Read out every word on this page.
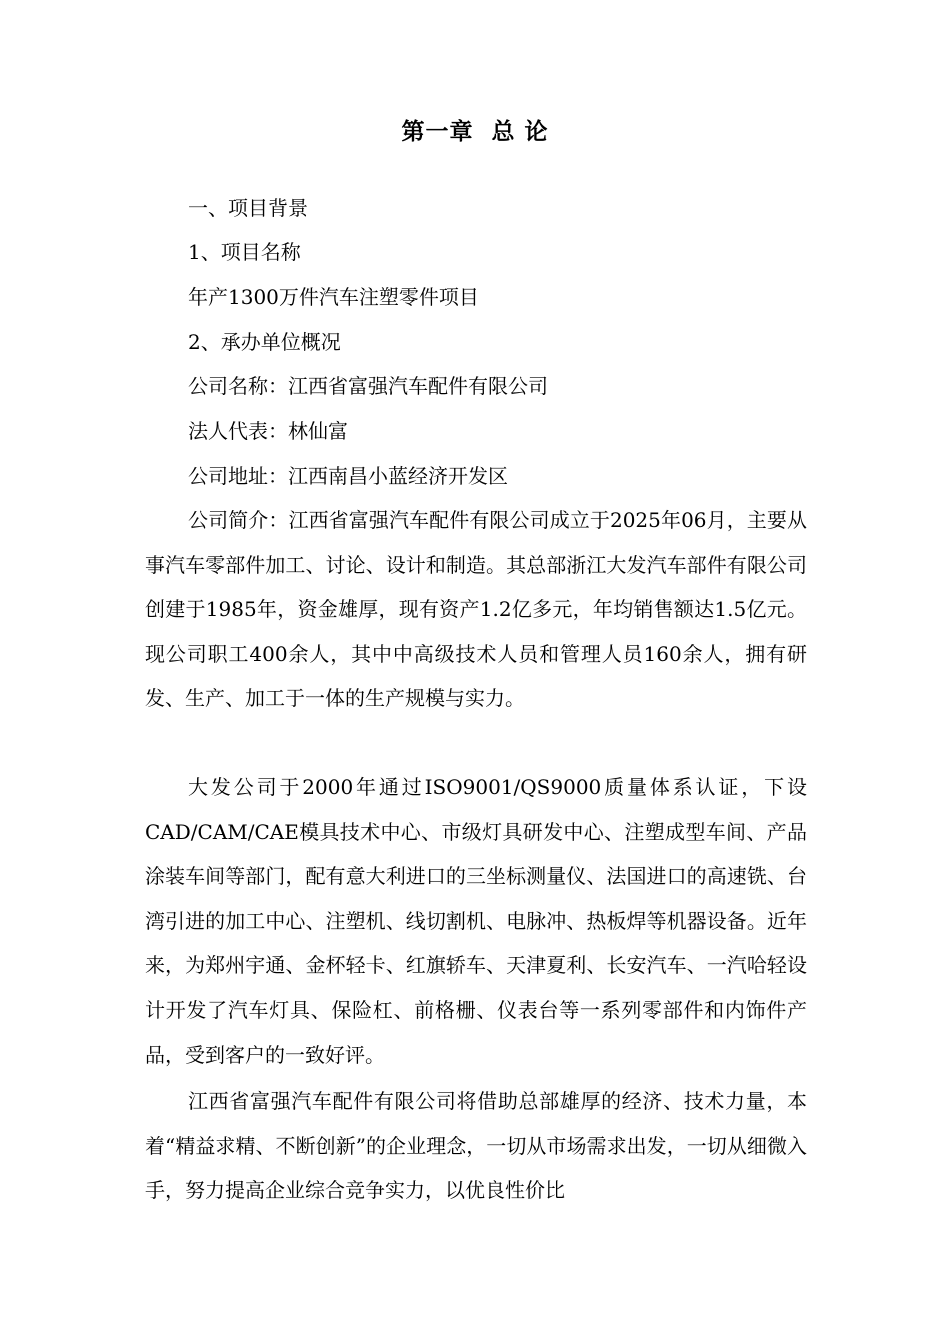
第一章  总 论
一、项目背景
1、项目名称
年产1300万件汽车注塑零件项目
2、承办单位概况
公司名称：江西省富强汽车配件有限公司
法人代表：林仙富
公司地址：江西南昌小蓝经济开发区

公司简介：江西省富强汽车配件有限公司成立于2025年06月，主要从事汽车零部件加工、讨论、设计和制造。其总部浙江大发汽车部件有限公司创建于1985年，资金雄厚，现有资产1.2亿多元，年均销售额达1.5亿元。现公司职工400余人，其中中高级技术人员和管理人员160余人，拥有研发、生产、加工于一体的生产规模与实力。

大发公司于2000年通过ISO9001/QS9000质量体系认证，下设CAD/CAM/CAE模具技术中心、市级灯具研发中心、注塑成型车间、产品涂装车间等部门，配有意大利进口的三坐标测量仪、法国进口的高速铣、台湾引进的加工中心、注塑机、线切割机、电脉冲、热板焊等机器设备。近年来，为郑州宇通、金杯轻卡、红旗轿车、天津夏利、长安汽车、一汽哈轻设计开发了汽车灯具、保险杠、前格栅、仪表台等一系列零部件和内饰件产品，受到客户的一致好评。

江西省富强汽车配件有限公司将借助总部雄厚的经济、技术力量，本着“精益求精、不断创新”的企业理念，一切从市场需求出发，一切从细微入手，努力提高企业综合竞争实力，以优良性价比
